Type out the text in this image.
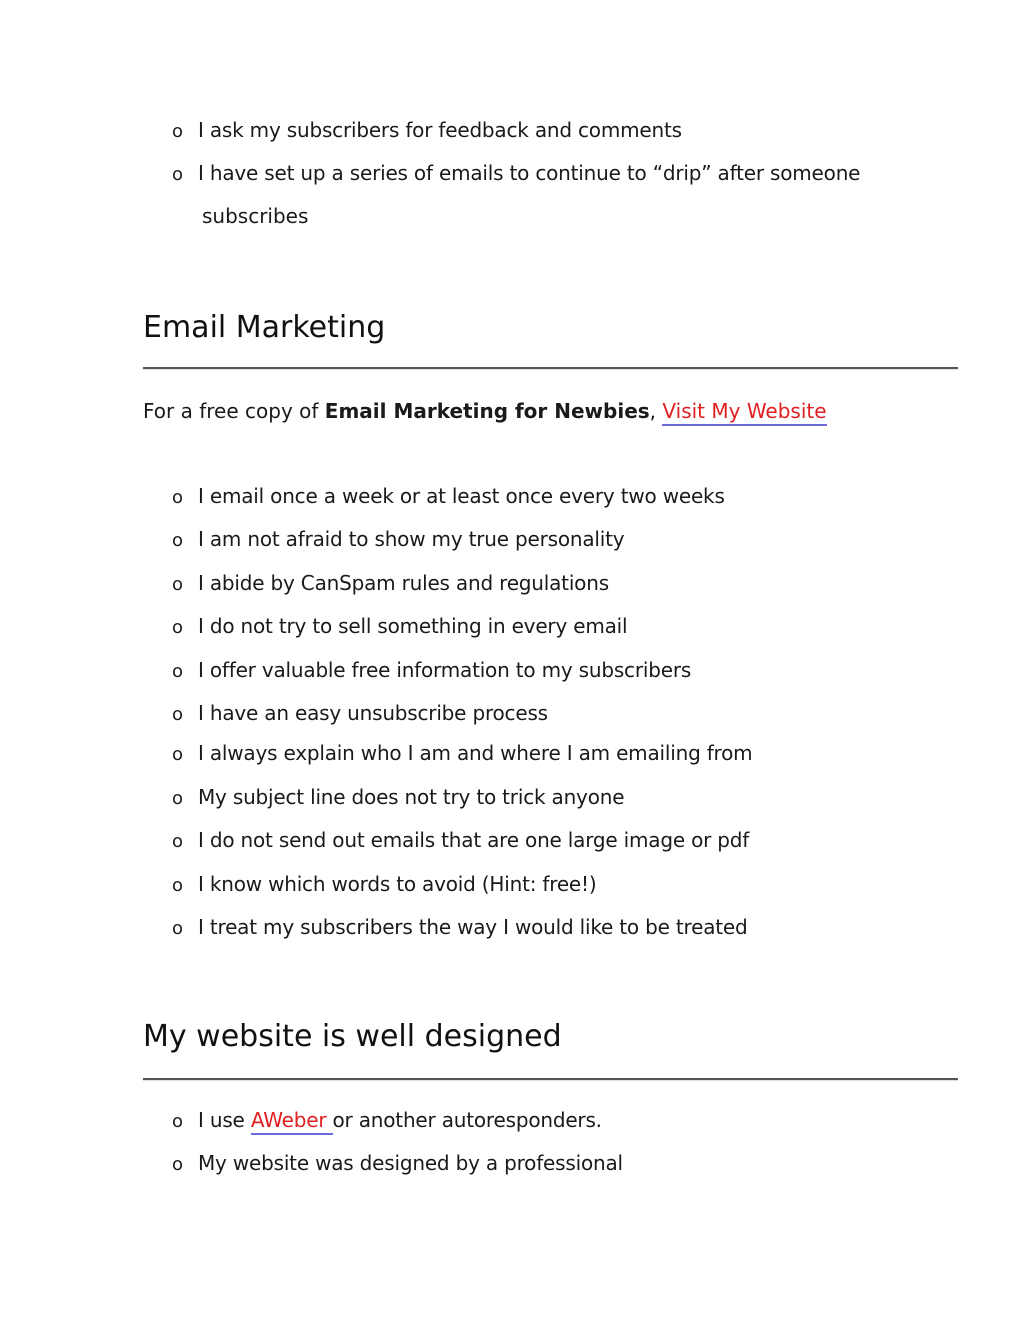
o I ask my subscribers for feedback and comments
o I have set up a series of emails to continue to “drip” after someone
subscribes
Email Marketing
For a free copy of Email Marketing for Newbies, Visit My Website
o I email once a week or at least once every two weeks
o I am not afraid to show my true personality
o I abide by CanSpam rules and regulations
o I do not try to sell something in every email
o I offer valuable free information to my subscribers
o I have an easy unsubscribe process
o I always explain who I am and where I am emailing from
o My subject line does not try to trick anyone
o I do not send out emails that are one large image or pdf
o I know which words to avoid (Hint: free!)
o I treat my subscribers the way I would like to be treated
My website is well designed
o I use AWeber or another autoresponders.
o My website was designed by a professional
